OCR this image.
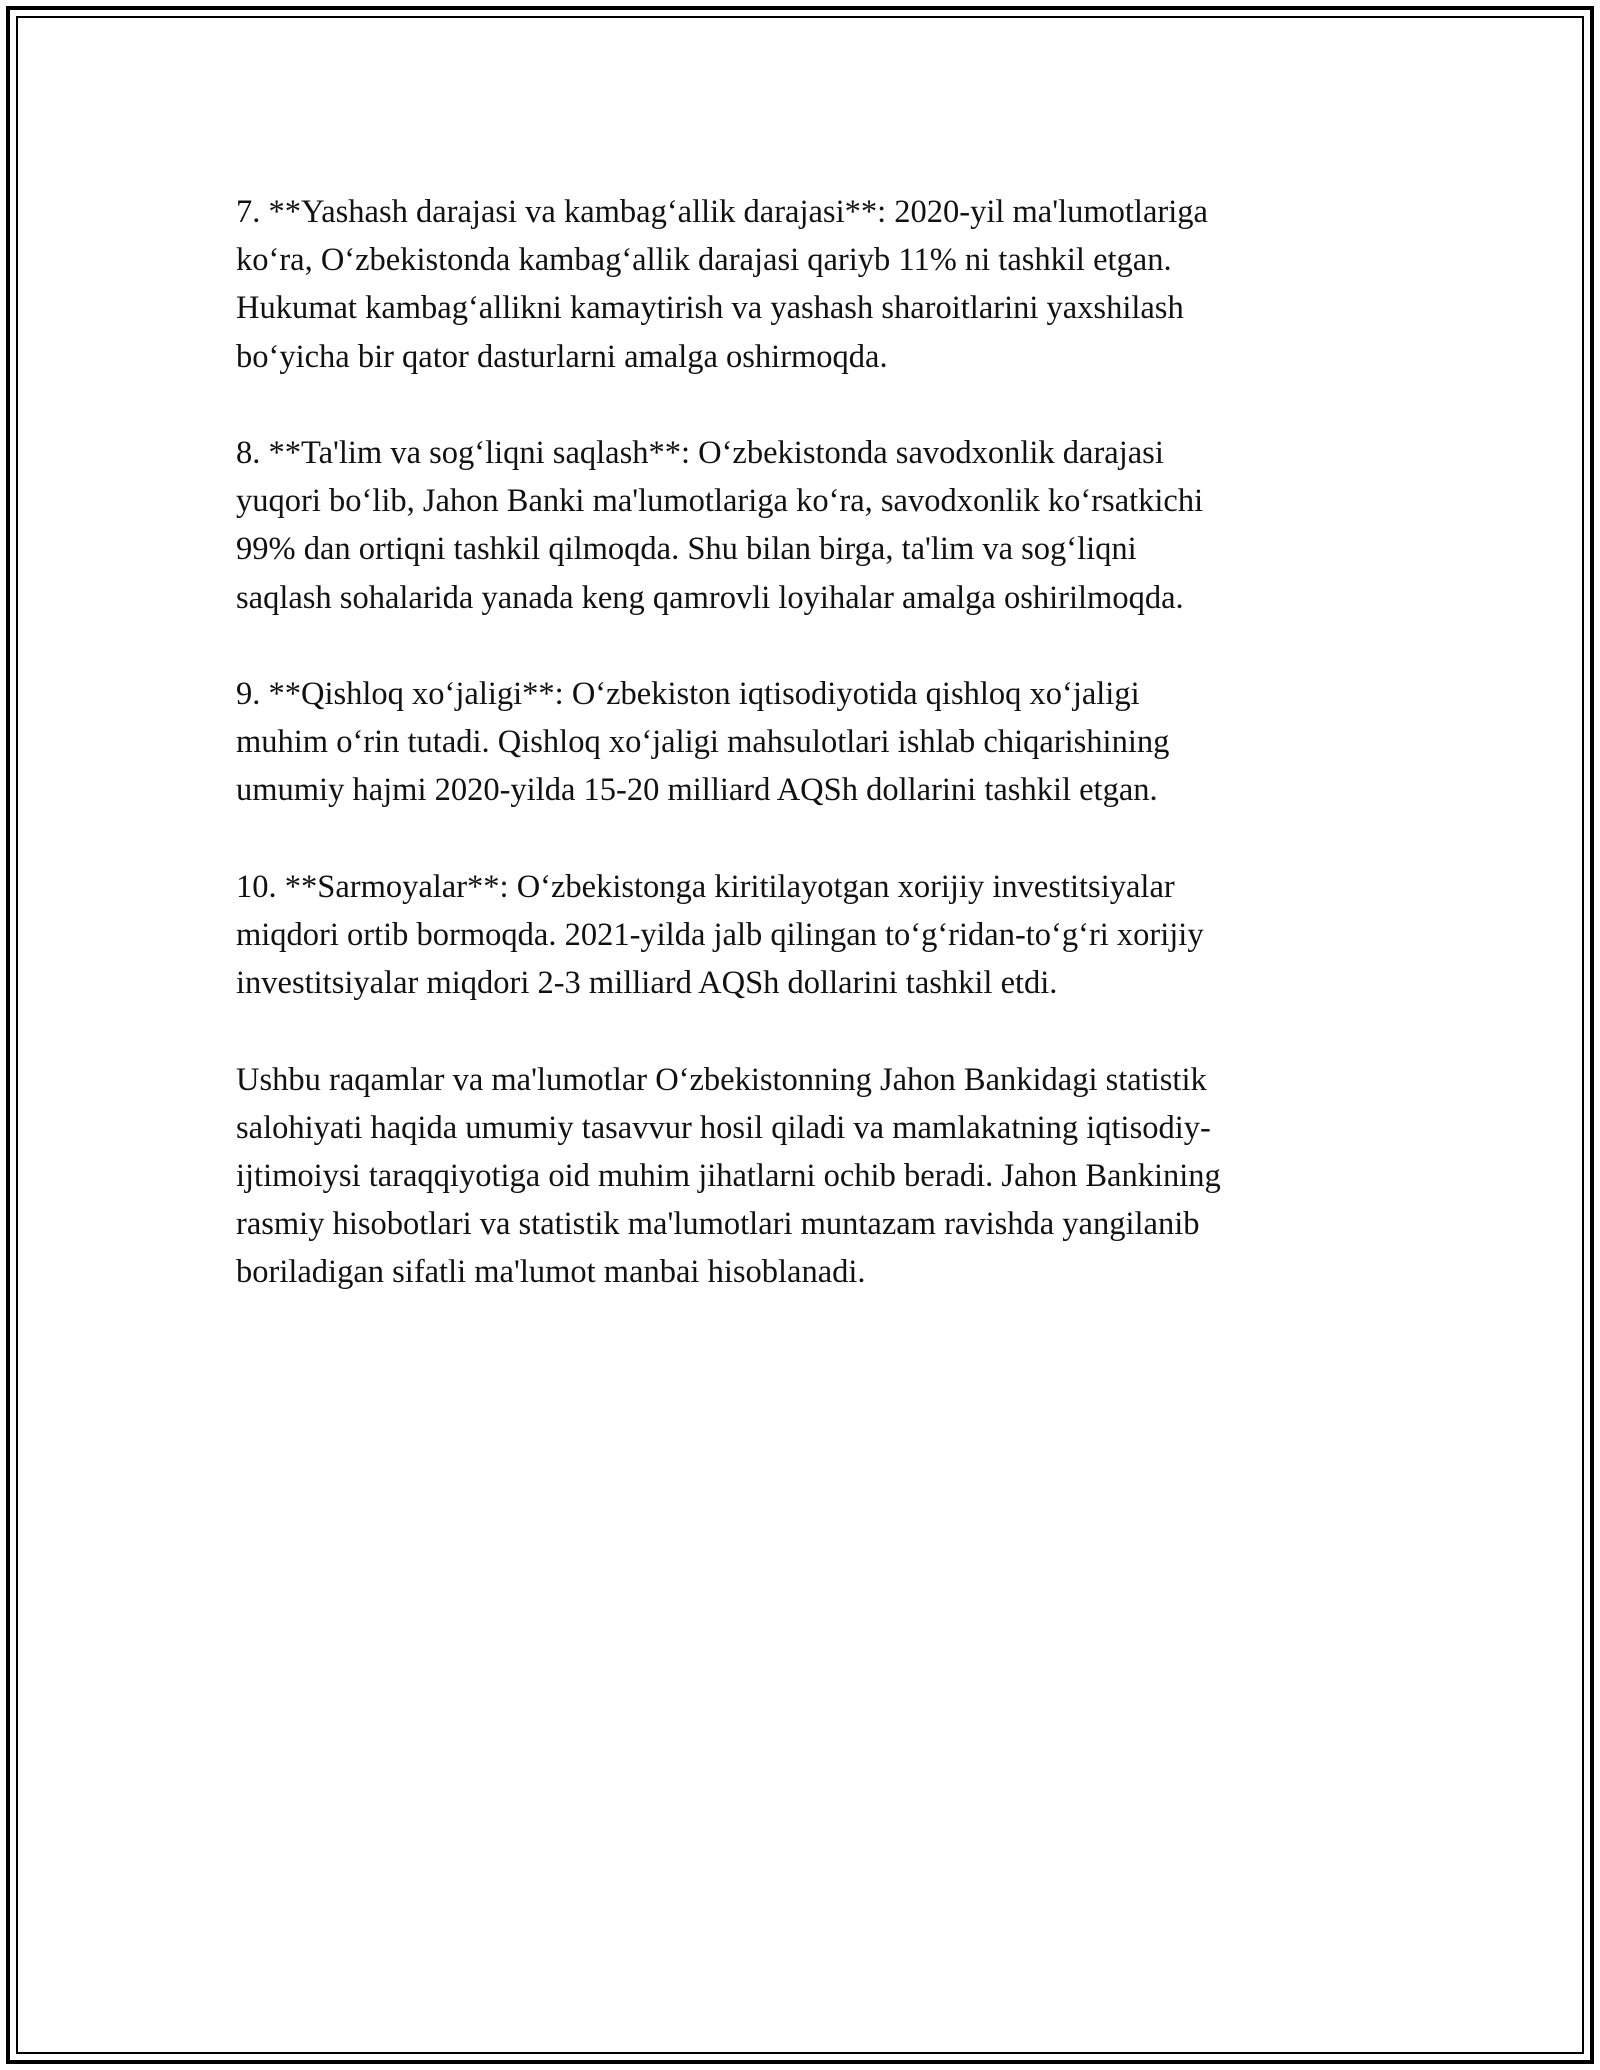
7. **Yashash darajasi va kambag‘allik darajasi**: 2020-yil ma'lumotlariga
ko‘ra, O‘zbekistonda kambag‘allik darajasi qariyb 11% ni tashkil etgan.
Hukumat kambag‘allikni kamaytirish va yashash sharoitlarini yaxshilash
bo‘yicha bir qator dasturlarni amalga oshirmoqda.

8. **Ta'lim va sog‘liqni saqlash**: O‘zbekistonda savodxonlik darajasi
yuqori bo‘lib, Jahon Banki ma'lumotlariga ko‘ra, savodxonlik ko‘rsatkichi
99% dan ortiqni tashkil qilmoqda. Shu bilan birga, ta'lim va sog‘liqni
saqlash sohalarida yanada keng qamrovli loyihalar amalga oshirilmoqda.

9. **Qishloq xo‘jaligi**: O‘zbekiston iqtisodiyotida qishloq xo‘jaligi
muhim o‘rin tutadi. Qishloq xo‘jaligi mahsulotlari ishlab chiqarishining
umumiy hajmi 2020-yilda 15-20 milliard AQSh dollarini tashkil etgan.

10. **Sarmoyalar**: O‘zbekistonga kiritilayotgan xorijiy investitsiyalar
miqdori ortib bormoqda. 2021-yilda jalb qilingan to‘g‘ridan-to‘g‘ri xorijiy
investitsiyalar miqdori 2-3 milliard AQSh dollarini tashkil etdi.

Ushbu raqamlar va ma'lumotlar O‘zbekistonning Jahon Bankidagi statistik
salohiyati haqida umumiy tasavvur hosil qiladi va mamlakatning iqtisodiy-
ijtimoiysi taraqqiyotiga oid muhim jihatlarni ochib beradi. Jahon Bankining
rasmiy hisobotlari va statistik ma'lumotlari muntazam ravishda yangilanib
boriladigan sifatli ma'lumot manbai hisoblanadi.
